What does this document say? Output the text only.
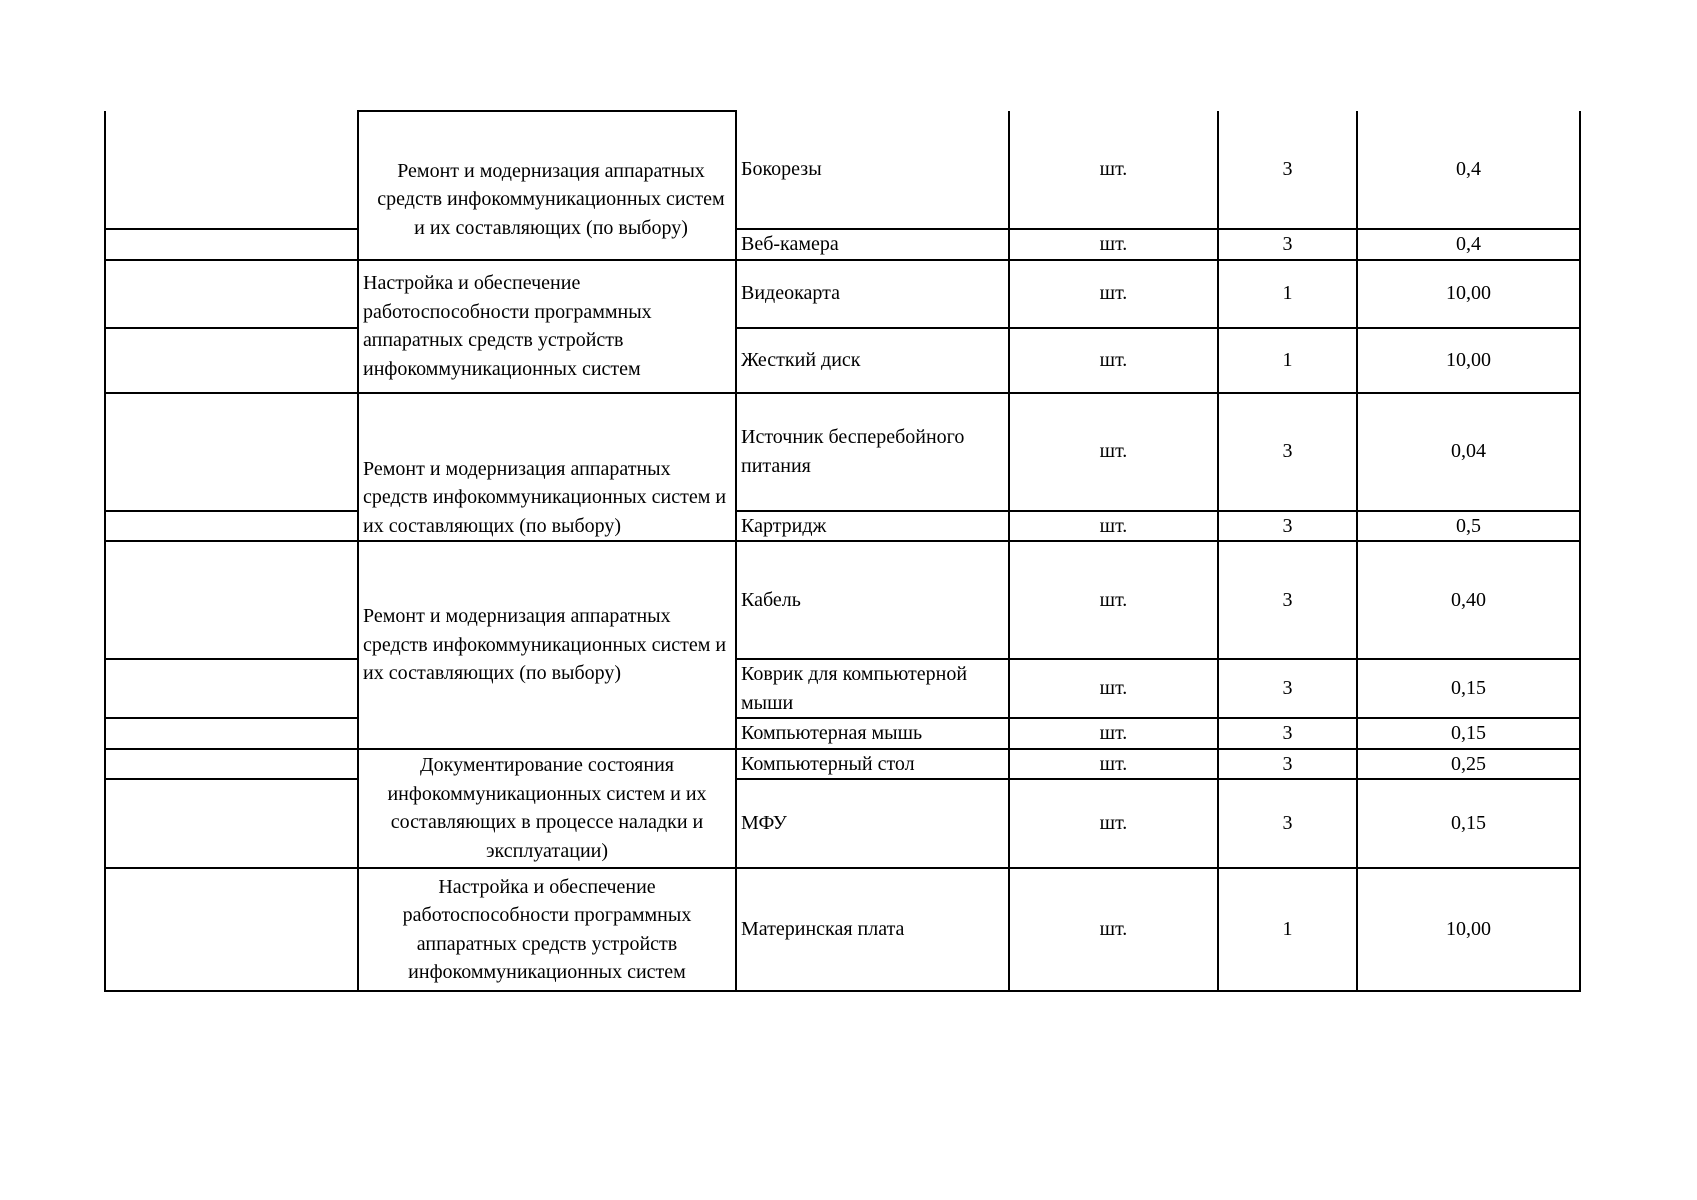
	Ремонт и модернизация аппаратных средств инфокоммуникационных систем и их составляющих (по выбору)	Бокорезы	шт.	3	0,4
		Веб-камера	шт.	3	0,4
	Настройка и обеспечение работоспособности программных аппаратных средств устройств инфокоммуникационных систем	Видеокарта	шт.	1	10,00
		Жесткий диск	шт.	1	10,00
	Ремонт и модернизация аппаратных средств инфокоммуникационных систем и их составляющих (по выбору)	Источник бесперебойного питания	шт.	3	0,04
		Картридж	шт.	3	0,5
	Ремонт и модернизация аппаратных средств инфокоммуникационных систем и их составляющих (по выбору)	Кабель	шт.	3	0,40
		Коврик для компьютерной мыши	шт.	3	0,15
		Компьютерная мышь	шт.	3	0,15
	Документирование состояния инфокоммуникационных систем и их составляющих в процессе наладки и эксплуатации)	Компьютерный стол	шт.	3	0,25
		МФУ	шт.	3	0,15
	Настройка и обеспечение работоспособности программных аппаратных средств устройств инфокоммуникационных систем	Материнская плата	шт.	1	10,00
